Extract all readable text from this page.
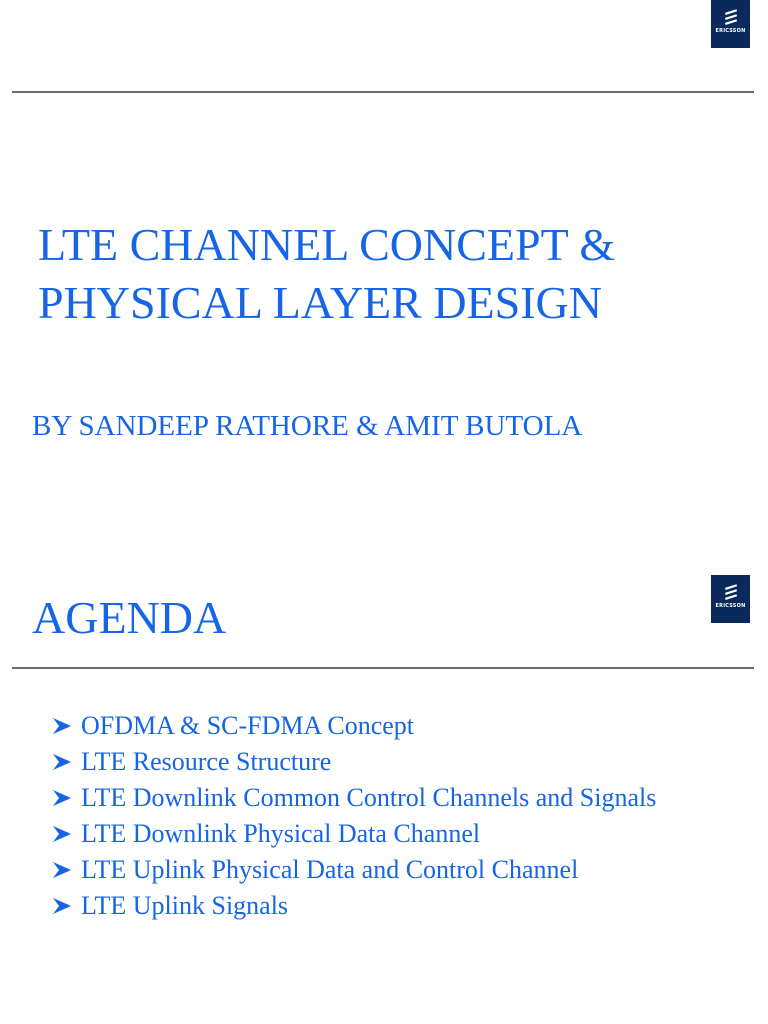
ERICSSON
LTE CHANNEL CONCEPT &
PHYSICAL LAYER DESIGN

BY SANDEEP RATHORE & AMIT BUTOLA

AGENDA	ERICSSON
OFDMA & SC-FDMA Concept
LTE Resource Structure
LTE Downlink Common Control Channels and Signals
LTE Downlink Physical Data Channel
LTE Uplink Physical Data and Control Channel
LTE Uplink Signals
